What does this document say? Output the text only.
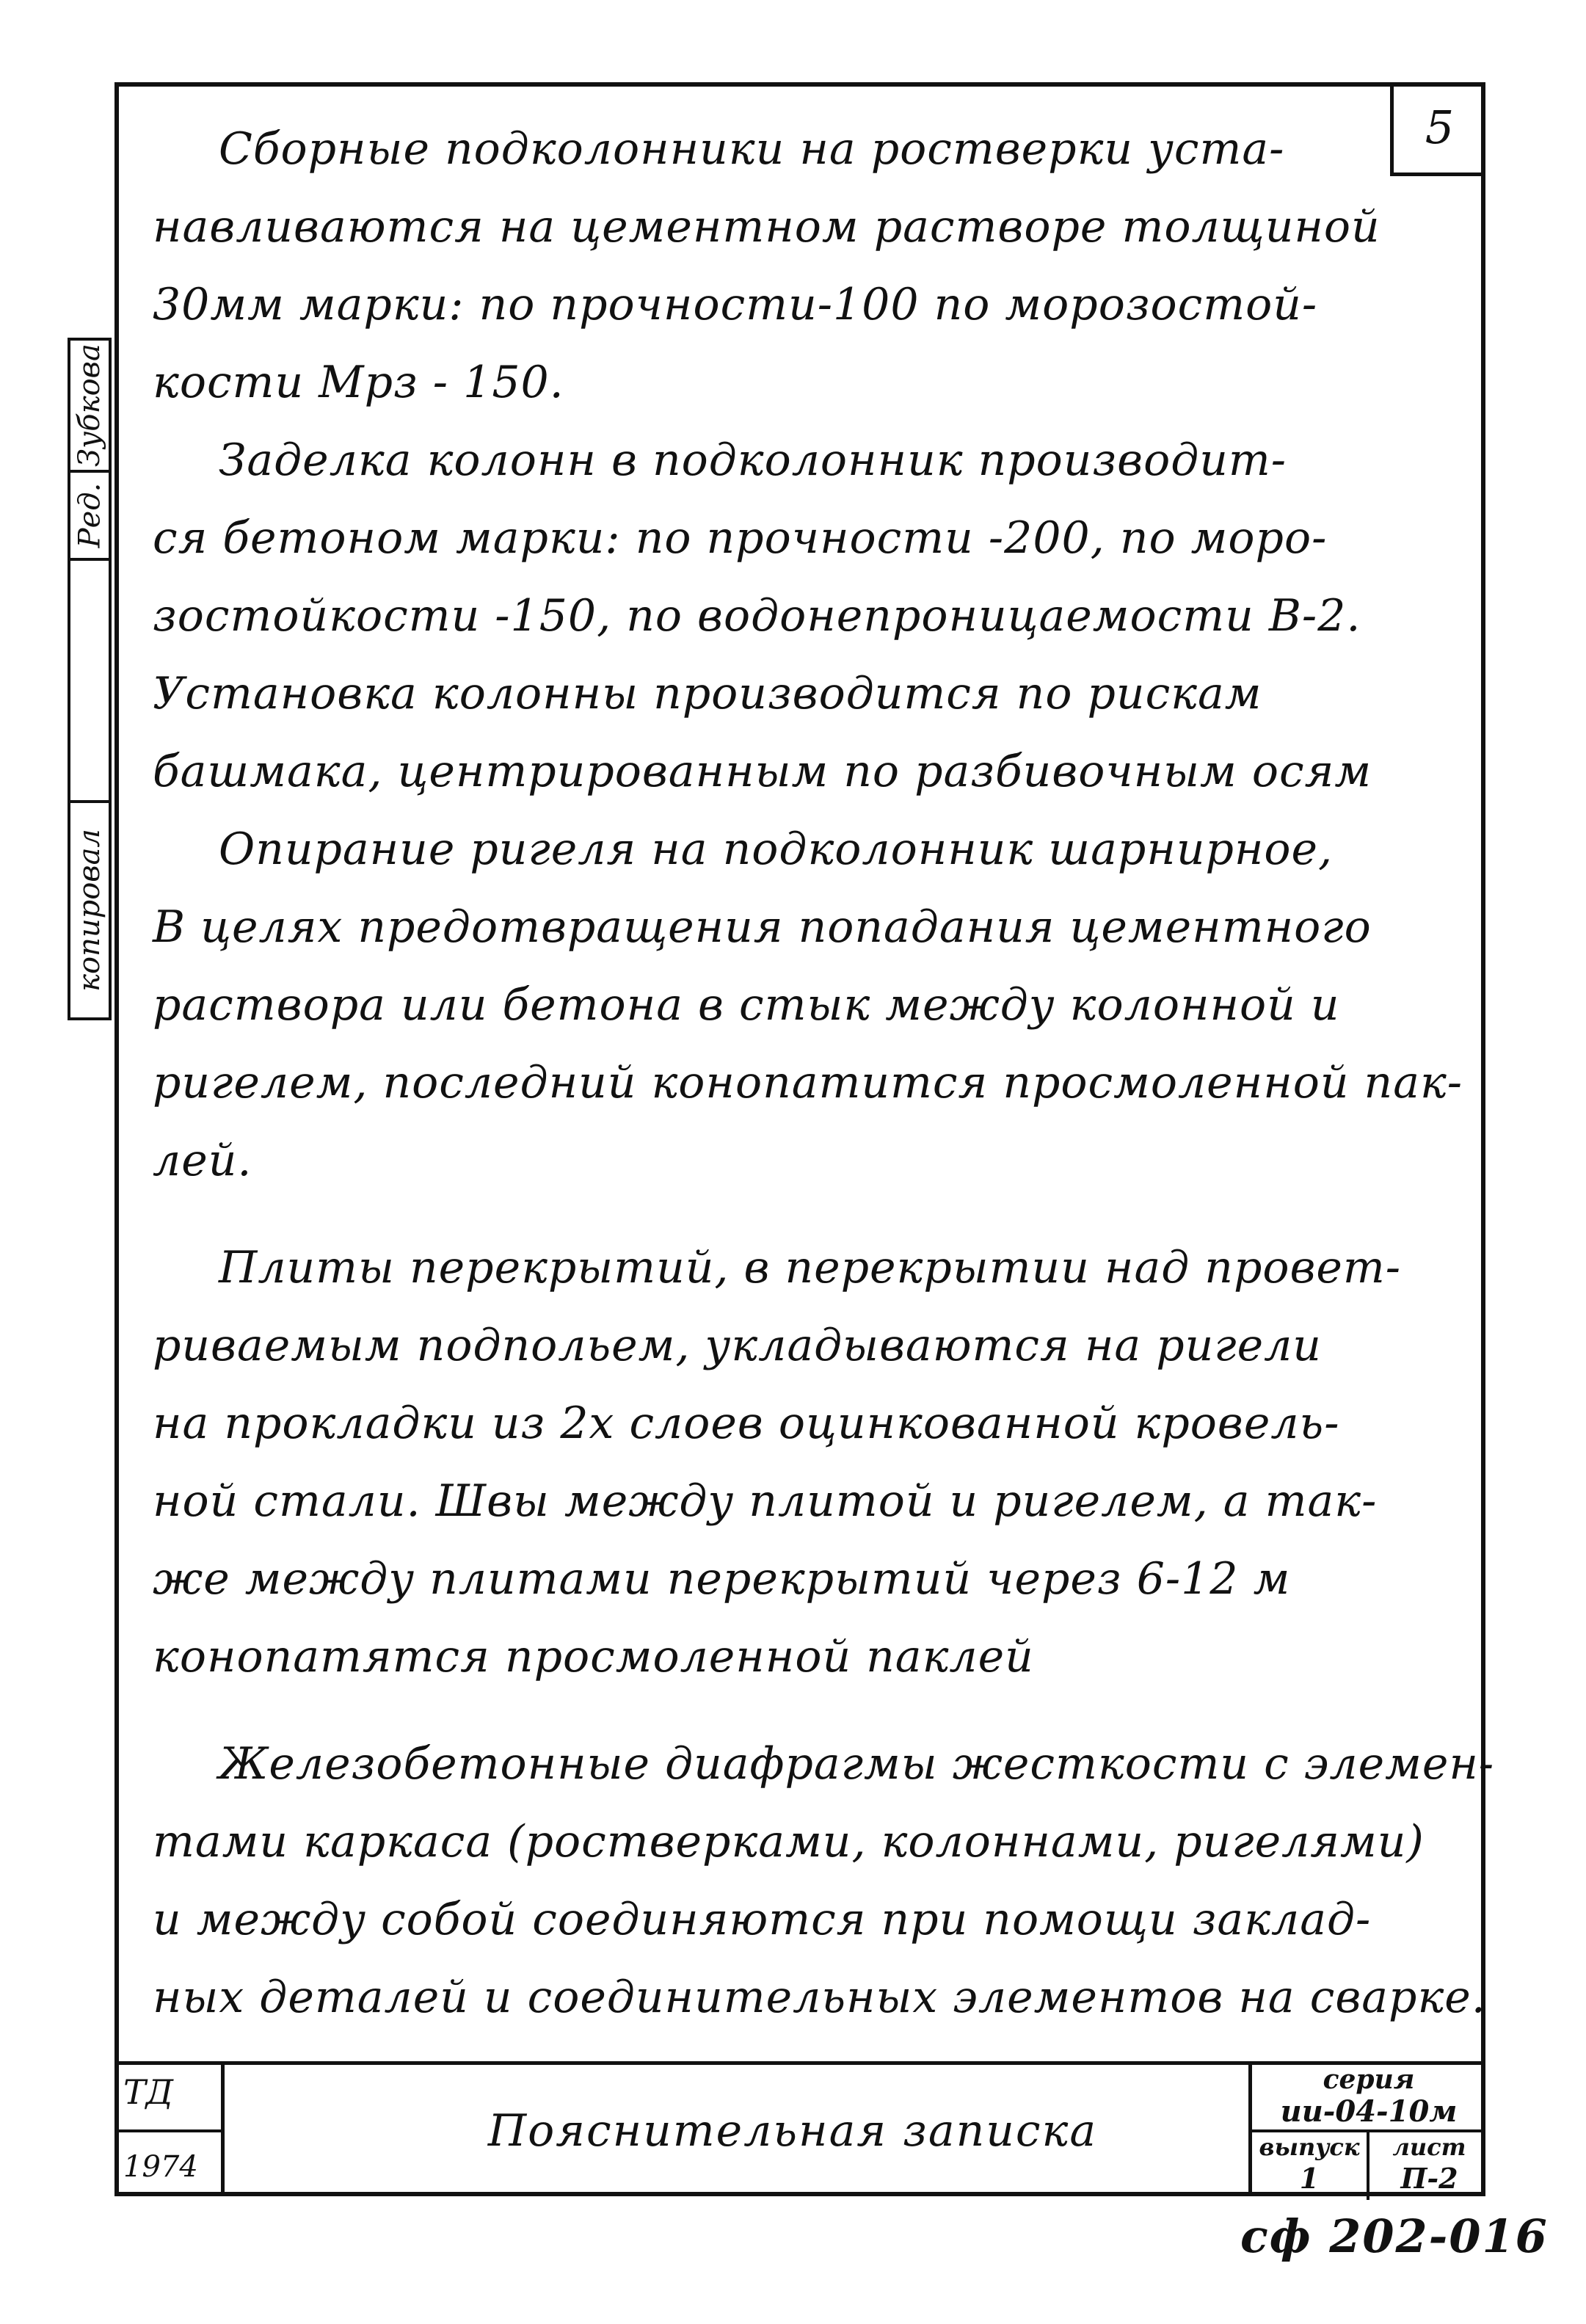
5
Сборные подколонники на ростверки уста-
навливаются на цементном растворе толщиной
30мм марки: по прочности-100 по морозостой-
кости Мрз - 150.
Заделка колонн в подколонник производит-
ся бетоном марки: по прочности -200, по моро-
зостойкости -150, по водонепроницаемости В-2.
Установка колонны производится по рискам
башмака, центрированным по разбивочным осям
Опирание ригеля на подколонник шарнирное,
В целях предотвращения попадания цементного
раствора или бетона в стык между колонной и
ригелем, последний конопатится просмоленной пак-
лей.
Плиты перекрытий, в перекрытии над провет-
риваемым подпольем, укладываются на ригели
на прокладки из 2х слоев оцинкованной кровель-
ной стали. Швы между плитой и ригелем, а так-
же между плитами перекрытий через 6-12 м
конопатятся просмоленной паклей
Железобетонные диафрагмы жесткости с элемен-
тами каркаса (ростверками, колоннами, ригелями)
и между собой соединяются при помощи заклад-
ных деталей и соединительных элементов на сварке.
Зубкова
Ред.
копировал
ТД
1974
Пояснительная записка
серия
ии-04-10м
выпуск
1
лист
П-2
сф 202-016
